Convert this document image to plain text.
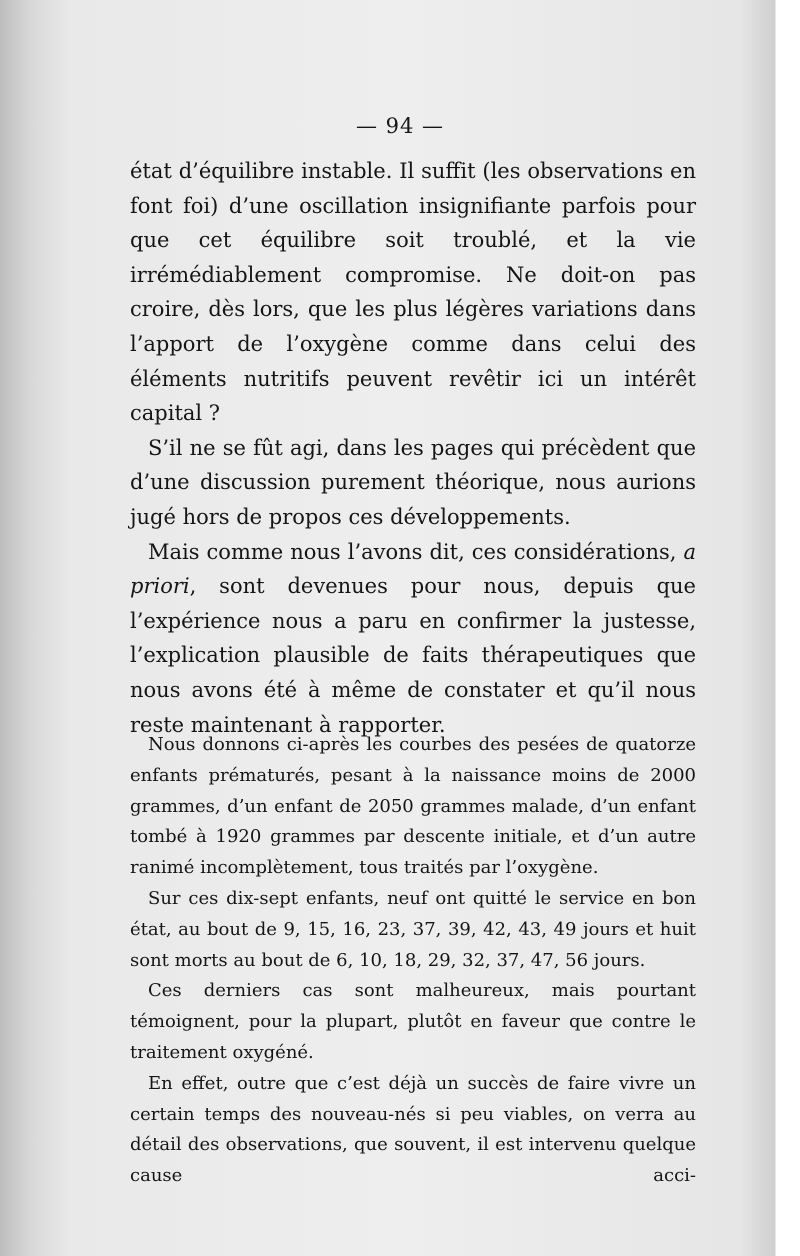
— 94 —

état d’équilibre instable. Il suffit (les observations en font foi) d’une oscillation insignifiante parfois pour que cet équilibre soit troublé, et la vie irrémédiablement compromise. Ne doit-on pas croire, dès lors, que les plus légères variations dans l’apport de l’oxygène comme dans celui des éléments nutritifs peuvent revêtir ici un intérêt capital ?

S’il ne se fût agi, dans les pages qui précèdent que d’une discussion purement théorique, nous aurions jugé hors de propos ces développements.

Mais comme nous l’avons dit, ces considérations, a priori, sont devenues pour nous, depuis que l’expérience nous a paru en confirmer la justesse, l’explication plausible de faits thérapeutiques que nous avons été à même de constater et qu’il nous reste maintenant à rapporter.

Nous donnons ci-après les courbes des pesées de quatorze enfants prématurés, pesant à la naissance moins de 2000 grammes, d’un enfant de 2050 grammes malade, d’un enfant tombé à 1920 grammes par descente initiale, et d’un autre ranimé incomplètement, tous traités par l’oxygène.

Sur ces dix-sept enfants, neuf ont quitté le service en bon état, au bout de 9, 15, 16, 23, 37, 39, 42, 43, 49 jours et huit sont morts au bout de 6, 10, 18, 29, 32, 37, 47, 56 jours.

Ces derniers cas sont malheureux, mais pourtant témoignent, pour la plupart, plutôt en faveur que contre le traitement oxygéné.

En effet, outre que c’est déjà un succès de faire vivre un certain temps des nouveau-nés si peu viables, on verra au détail des observations, que souvent, il est intervenu quelque cause acci-
